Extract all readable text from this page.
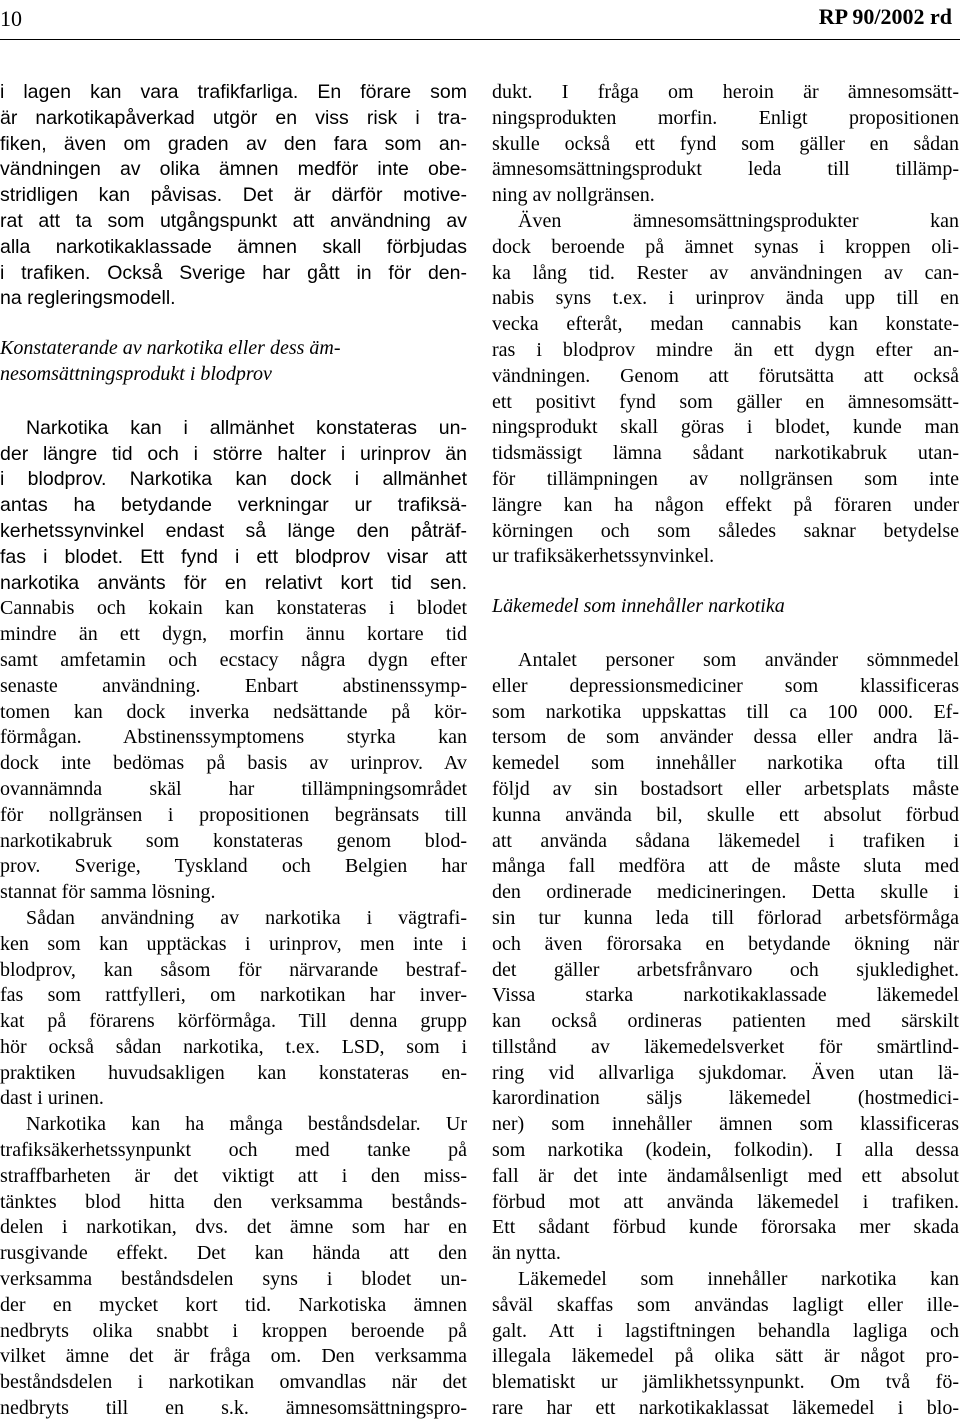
10	RP 90/2002 rd
i lagen kan vara trafikfarliga. En förare som
är narkotikapåverkad utgör en viss risk i tra-
fiken, även om graden av den fara som an-
vändningen av olika ämnen medför inte obe-
stridligen kan påvisas. Det är därför motive-
rat att ta som utgångspunkt att användning av
alla narkotikaklassade ämnen skall förbjudas
i trafiken. Också Sverige har gått in för den-
na regleringsmodell.
Konstaterande av narkotika eller dess äm-
nesomsättningsprodukt i blodprov
Narkotika kan i allmänhet konstateras un-
der längre tid och i större halter i urinprov än
i blodprov. Narkotika kan dock i allmänhet
antas ha betydande verkningar ur trafiksä-
kerhetssynvinkel endast så länge den påträf-
fas i blodet. Ett fynd i ett blodprov visar att
narkotika använts för en relativt kort tid sen.
Cannabis och kokain kan konstateras i blodet
mindre än ett dygn, morfin ännu kortare tid
samt amfetamin och ecstacy några dygn efter
senaste användning. Enbart abstinenssymp-
tomen kan dock inverka nedsättande på kör-
förmågan. Abstinenssymptomens styrka kan
dock inte bedömas på basis av urinprov. Av
ovannämnda skäl har tillämpningsområdet
för nollgränsen i propositionen begränsats till
narkotikabruk som konstateras genom blod-
prov. Sverige, Tyskland och Belgien har
stannat för samma lösning.
Sådan användning av narkotika i vägtrafi-
ken som kan upptäckas i urinprov, men inte i
blodprov, kan såsom för närvarande bestraf-
fas som rattfylleri, om narkotikan har inver-
kat på förarens körförmåga. Till denna grupp
hör också sådan narkotika, t.ex. LSD, som i
praktiken huvudsakligen kan konstateras en-
dast i urinen.
Narkotika kan ha många beståndsdelar. Ur
trafiksäkerhetssynpunkt och med tanke på
straffbarheten är det viktigt att i den miss-
tänktes blod hitta den verksamma bestånds-
delen i narkotikan, dvs. det ämne som har en
rusgivande effekt. Det kan hända att den
verksamma beståndsdelen syns i blodet un-
der en mycket kort tid. Narkotiska ämnen
nedbryts olika snabbt i kroppen beroende på
vilket ämne det är fråga om. Den verksamma
beståndsdelen i narkotikan omvandlas när det
nedbryts till en s.k. ämnesomsättningspro-
dukt. I fråga om heroin är ämnesomsätt-
ningsprodukten morfin. Enligt propositionen
skulle också ett fynd som gäller en sådan
ämnesomsättningsprodukt leda till tillämp-
ning av nollgränsen.
Även ämnesomsättningsprodukter kan
dock beroende på ämnet synas i kroppen oli-
ka lång tid. Rester av användningen av can-
nabis syns t.ex. i urinprov ända upp till en
vecka efteråt, medan cannabis kan konstate-
ras i blodprov mindre än ett dygn efter an-
vändningen. Genom att förutsätta att också
ett positivt fynd som gäller en ämnesomsätt-
ningsprodukt skall göras i blodet, kunde man
tidsmässigt lämna sådant narkotikabruk utan-
för tillämpningen av nollgränsen som inte
längre kan ha någon effekt på föraren under
körningen och som således saknar betydelse
ur trafiksäkerhetssynvinkel.
Läkemedel som innehåller narkotika
Antalet personer som använder sömnmedel
eller depressionsmediciner som klassificeras
som narkotika uppskattas till ca 100 000. Ef-
tersom de som använder dessa eller andra lä-
kemedel som innehåller narkotika ofta till
följd av sin bostadsort eller arbetsplats måste
kunna använda bil, skulle ett absolut förbud
att använda sådana läkemedel i trafiken i
många fall medföra att de måste sluta med
den ordinerade medicineringen. Detta skulle i
sin tur kunna leda till förlorad arbetsförmåga
och även förorsaka en betydande ökning när
det gäller arbetsfrånvaro och sjukledighet.
Vissa starka narkotikaklassade läkemedel
kan också ordineras patienten med särskilt
tillstånd av läkemedelsverket för smärtlind-
ring vid allvarliga sjukdomar. Även utan lä-
karordination säljs läkemedel (hostmedici-
ner) som innehåller ämnen som klassificeras
som narkotika (kodein, folkodin). I alla dessa
fall är det inte ändamålsenligt med ett absolut
förbud mot att använda läkemedel i trafiken.
Ett sådant förbud kunde förorsaka mer skada
än nytta.
Läkemedel som innehåller narkotika kan
såväl skaffas som användas lagligt eller ille-
galt. Att i lagstiftningen behandla lagliga och
illegala läkemedel på olika sätt är något pro-
blematiskt ur jämlikhetssynpunkt. Om två fö-
rare har ett narkotikaklassat läkemedel i blo-
